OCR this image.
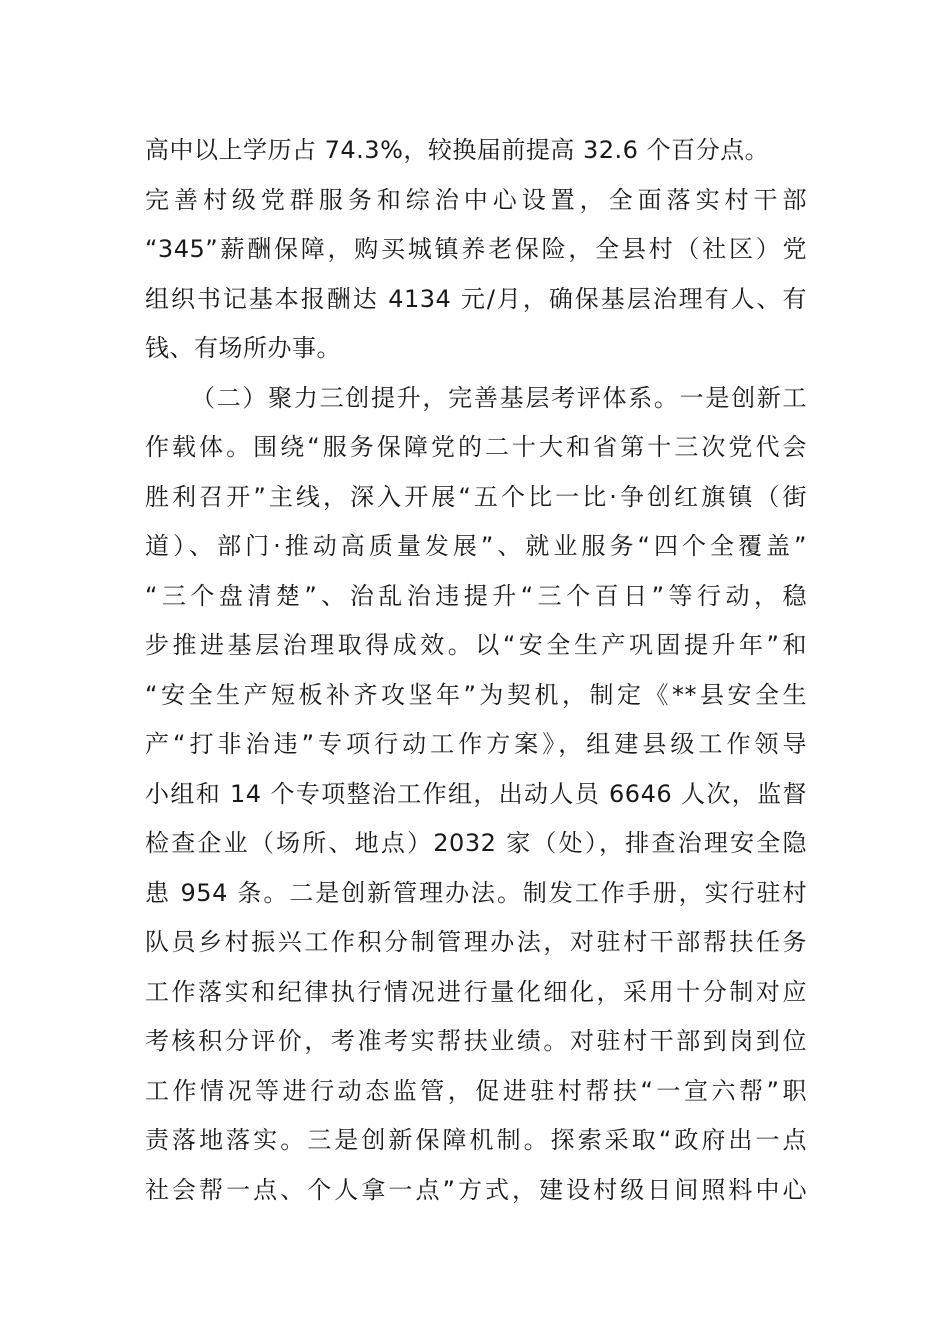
高中以上学历占 74.3%，较换届前提高 32.6 个百分点。
完善村级党群服务和综治中心设置，全面落实村干部
“345”薪酬保障，购买城镇养老保险，全县村（社区）党
组织书记基本报酬达 4134 元/月，确保基层治理有人、有
钱、有场所办事。
（二）聚力三创提升，完善基层考评体系。一是创新工
作载体。围绕“服务保障党的二十大和省第十三次党代会
胜利召开”主线，深入开展“五个比一比·争创红旗镇（街
道）、部门·推动高质量发展”、就业服务“四个全覆盖”
“三个盘清楚”、治乱治违提升“三个百日”等行动，稳
步推进基层治理取得成效。以“安全生产巩固提升年”和
“安全生产短板补齐攻坚年”为契机，制定《**县安全生
产“打非治违”专项行动工作方案》，组建县级工作领导
小组和 14 个专项整治工作组，出动人员 6646 人次，监督
检查企业（场所、地点）2032 家（处），排查治理安全隐
患 954 条。二是创新管理办法。制发工作手册，实行驻村
队员乡村振兴工作积分制管理办法，对驻村干部帮扶任务
工作落实和纪律执行情况进行量化细化，采用十分制对应
考核积分评价，考准考实帮扶业绩。对驻村干部到岗到位
工作情况等进行动态监管，促进驻村帮扶“一宣六帮”职
责落地落实。三是创新保障机制。探索采取“政府出一点
社会帮一点、个人拿一点”方式，建设村级日间照料中心
